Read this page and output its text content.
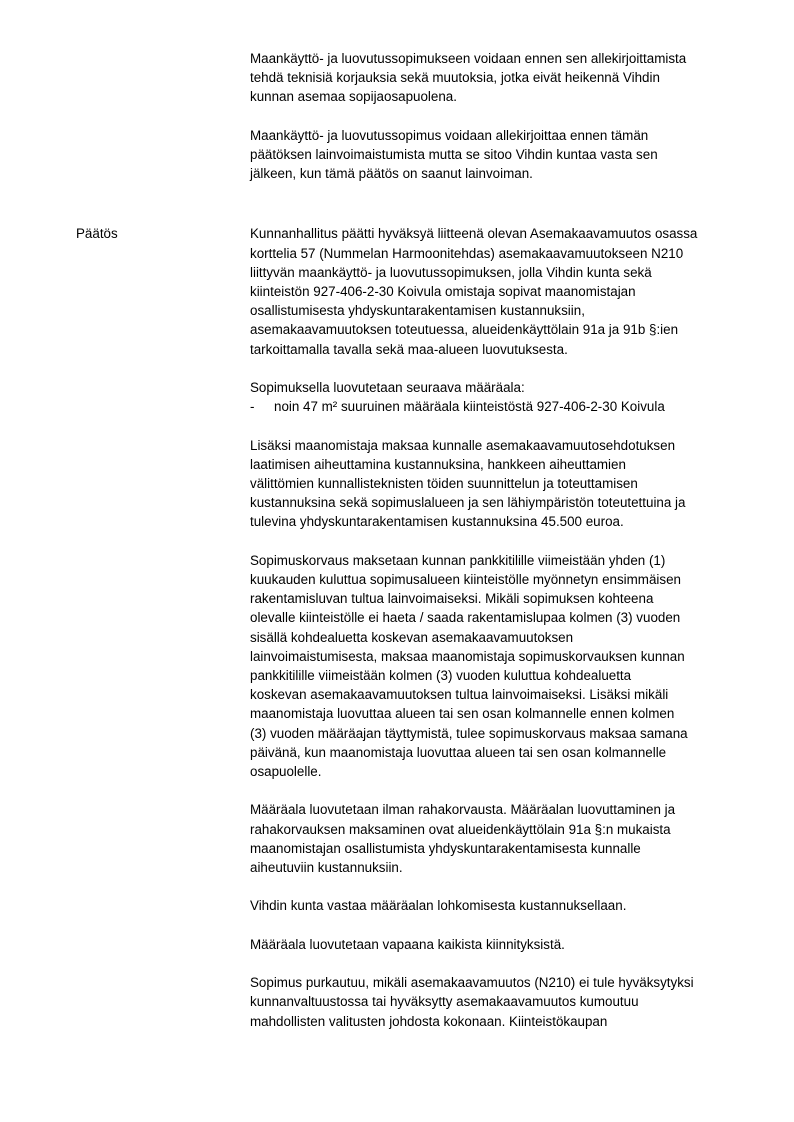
Päätös

Maankäyttö- ja luovutussopimukseen voidaan ennen sen allekirjoittamista
tehdä teknisiä korjauksia sekä muutoksia, jotka eivät heikennä Vihdin
kunnan asemaa sopijaosapuolena.

Maankäyttö- ja luovutussopimus voidaan allekirjoittaa ennen tämän
päätöksen lainvoimaistumista mutta se sitoo Vihdin kuntaa vasta sen
jälkeen, kun tämä päätös on saanut lainvoiman.

Kunnanhallitus päätti hyväksyä liitteenä olevan Asemakaavamuutos osassa
korttelia 57 (Nummelan Harmoonitehdas) asemakaavamuutokseen N210
liittyvän maankäyttö- ja luovutussopimuksen, jolla Vihdin kunta sekä
kiinteistön 927-406-2-30 Koivula omistaja sopivat maanomistajan
osallistumisesta yhdyskuntarakentamisen kustannuksiin,
asemakaavamuutoksen toteutuessa, alueidenkäyttölain 91a ja 91b §:ien
tarkoittamalla tavalla sekä maa-alueen luovutuksesta.

Sopimuksella luovutetaan seuraava määräala:
-	noin 47 m² suuruinen määräala kiinteistöstä 927-406-2-30 Koivula

Lisäksi maanomistaja maksaa kunnalle asemakaavamuutosehdotuksen
laatimisen aiheuttamina kustannuksina, hankkeen aiheuttamien
välittömien kunnallisteknisten töiden suunnittelun ja toteuttamisen
kustannuksina sekä sopimuslalueen ja sen lähiympäristön toteutettuina ja
tulevina yhdyskuntarakentamisen kustannuksina 45.500 euroa.

Sopimuskorvaus maksetaan kunnan pankkitilille viimeistään yhden (1)
kuukauden kuluttua sopimusalueen kiinteistölle myönnetyn ensimmäisen
rakentamisluvan tultua lainvoimaiseksi. Mikäli sopimuksen kohteena
olevalle kiinteistölle ei haeta / saada rakentamislupaa kolmen (3) vuoden
sisällä kohdealuetta koskevan asemakaavamuutoksen
lainvoimaistumisesta, maksaa maanomistaja sopimuskorvauksen kunnan
pankkitilille viimeistään kolmen (3) vuoden kuluttua kohdealuetta
koskevan asemakaavamuutoksen tultua lainvoimaiseksi. Lisäksi mikäli
maanomistaja luovuttaa alueen tai sen osan kolmannelle ennen kolmen
(3) vuoden määräajan täyttymistä, tulee sopimuskorvaus maksaa samana
päivänä, kun maanomistaja luovuttaa alueen tai sen osan kolmannelle
osapuolelle.

Määräala luovutetaan ilman rahakorvausta. Määräalan luovuttaminen ja
rahakorvauksen maksaminen ovat alueidenkäyttölain 91a §:n mukaista
maanomistajan osallistumista yhdyskuntarakentamisesta kunnalle
aiheutuviin kustannuksiin.

Vihdin kunta vastaa määräalan lohkomisesta kustannuksellaan.

Määräala luovutetaan vapaana kaikista kiinnityksistä.

Sopimus purkautuu, mikäli asemakaavamuutos (N210) ei tule hyväksytyksi
kunnanvaltuustossa tai hyväksytty asemakaavamuutos kumoutuu
mahdollisten valitusten johdosta kokonaan. Kiinteistökaupan
